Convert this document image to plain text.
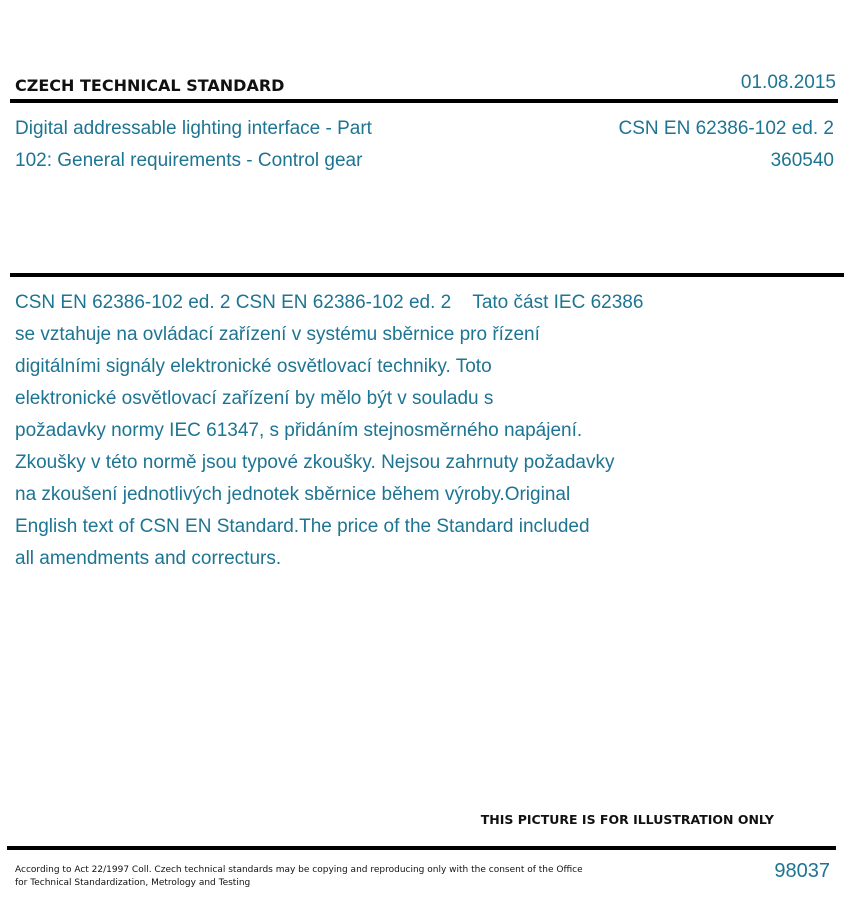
CZECH TECHNICAL STANDARD	01.08.2015
Digital addressable lighting interface - Part
102: General requirements - Control gear
CSN EN 62386-102 ed. 2
360540

CSN EN 62386-102 ed. 2 CSN EN 62386-102 ed. 2    Tato část IEC 62386

se vztahuje na ovládací zařízení v systému sběrnice pro řízení

digitálními signály elektronické osvětlovací techniky. Toto

elektronické osvětlovací zařízení by mělo být v souladu s

požadavky normy IEC 61347, s přidáním stejnosměrného napájení.

Zkoušky v této normě jsou typové zkoušky. Nejsou zahrnuty požadavky

na zkoušení jednotlivých jednotek sběrnice během výroby.Original

English text of CSN EN Standard.The price of the Standard included

all amendments and correcturs.

THIS PICTURE IS FOR ILLUSTRATION ONLY

According to Act 22/1997 Coll. Czech technical standards may be copying and reproducing only with the consent of the Office

for Technical Standardization, Metrology and Testing

98037
